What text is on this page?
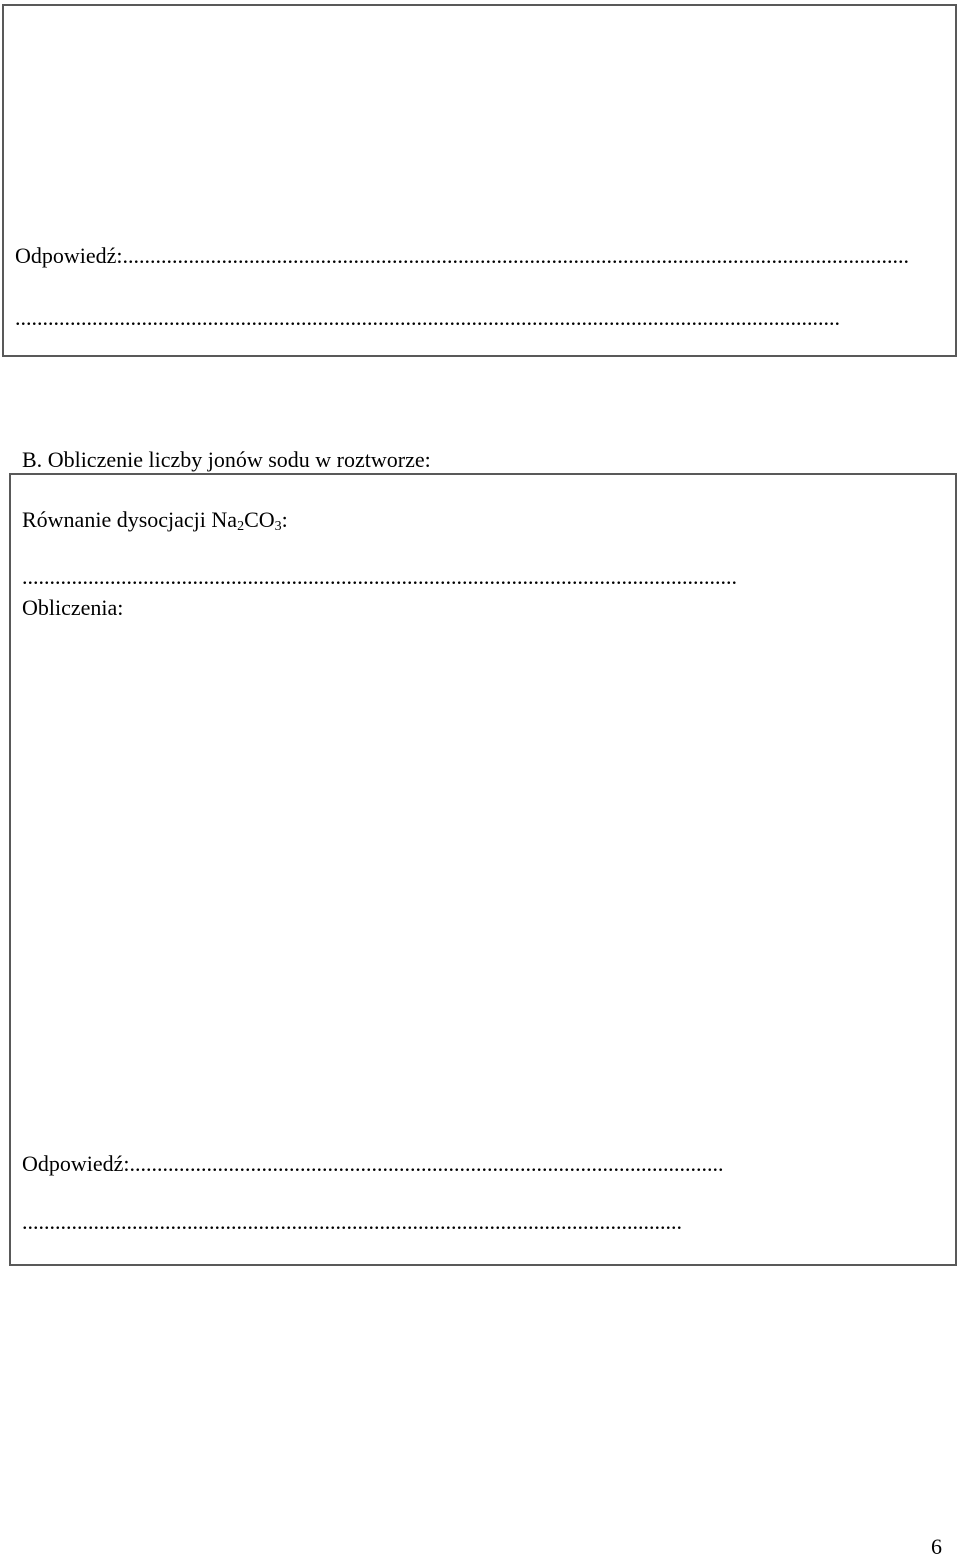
Odpowiedź: ...............................................................................................................................................
......................................................................................................................................................
B. Obliczenie liczby jonów sodu w roztworze:
Równanie dysocjacji $Na_2CO_3$:
..................................................................................................................................
Obliczenia:
Odpowiedź: ............................................................................................................
........................................................................................................................
6
